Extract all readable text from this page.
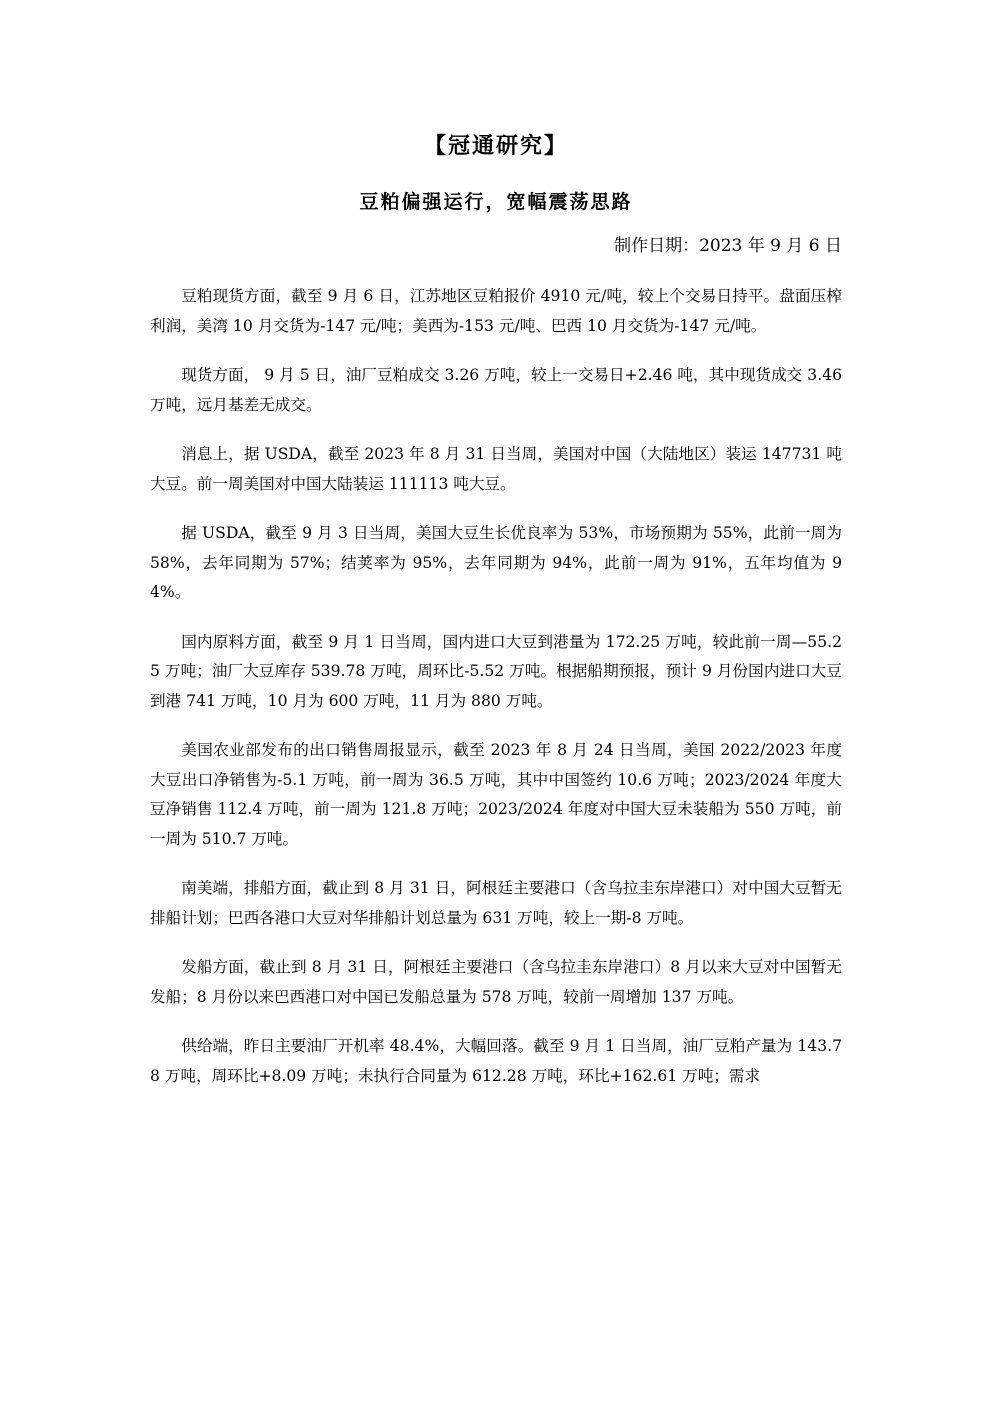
【冠通研究】
豆粕偏强运行，宽幅震荡思路
制作日期：2023 年 9 月 6 日

豆粕现货方面，截至 9 月 6 日，江苏地区豆粕报价 4910 元/吨，较上个交易日持平。盘面压榨利润，美湾 10 月交货为-147 元/吨；美西为-153 元/吨、巴西 10 月交货为-147 元/吨。

现货方面， 9 月 5 日，油厂豆粕成交 3.26 万吨，较上一交易日+2.46 吨，其中现货成交 3.46 万吨，远月基差无成交。

消息上，据 USDA，截至 2023 年 8 月 31 日当周，美国对中国（大陆地区）装运 147731 吨大豆。前一周美国对中国大陆装运 111113 吨大豆。

据 USDA，截至 9 月 3 日当周，美国大豆生长优良率为 53%，市场预期为 55%，此前一周为 58%，去年同期为 57%；结荚率为 95%，去年同期为 94%，此前一周为 91%，五年均值为 94%。

国内原料方面，截至 9 月 1 日当周，国内进口大豆到港量为 172.25 万吨，较此前一周—55.25 万吨；油厂大豆库存 539.78 万吨，周环比-5.52 万吨。根据船期预报，预计 9 月份国内进口大豆到港 741 万吨，10 月为 600 万吨，11 月为 880 万吨。

美国农业部发布的出口销售周报显示，截至 2023 年 8 月 24 日当周，美国 2022/2023 年度大豆出口净销售为-5.1 万吨，前一周为 36.5 万吨，其中中国签约 10.6 万吨；2023/2024 年度大豆净销售 112.4 万吨，前一周为 121.8 万吨；2023/2024 年度对中国大豆未装船为 550 万吨，前一周为 510.7 万吨。

南美端，排船方面，截止到 8 月 31 日，阿根廷主要港口（含乌拉圭东岸港口）对中国大豆暂无排船计划；巴西各港口大豆对华排船计划总量为 631 万吨，较上一期-8 万吨。

发船方面，截止到 8 月 31 日，阿根廷主要港口（含乌拉圭东岸港口）8 月以来大豆对中国暂无发船；8 月份以来巴西港口对中国已发船总量为 578 万吨，较前一周增加 137 万吨。

供给端，昨日主要油厂开机率 48.4%，大幅回落。截至 9 月 1 日当周，油厂豆粕产量为 143.78 万吨，周环比+8.09 万吨；未执行合同量为 612.28 万吨，环比+162.61 万吨；需求
